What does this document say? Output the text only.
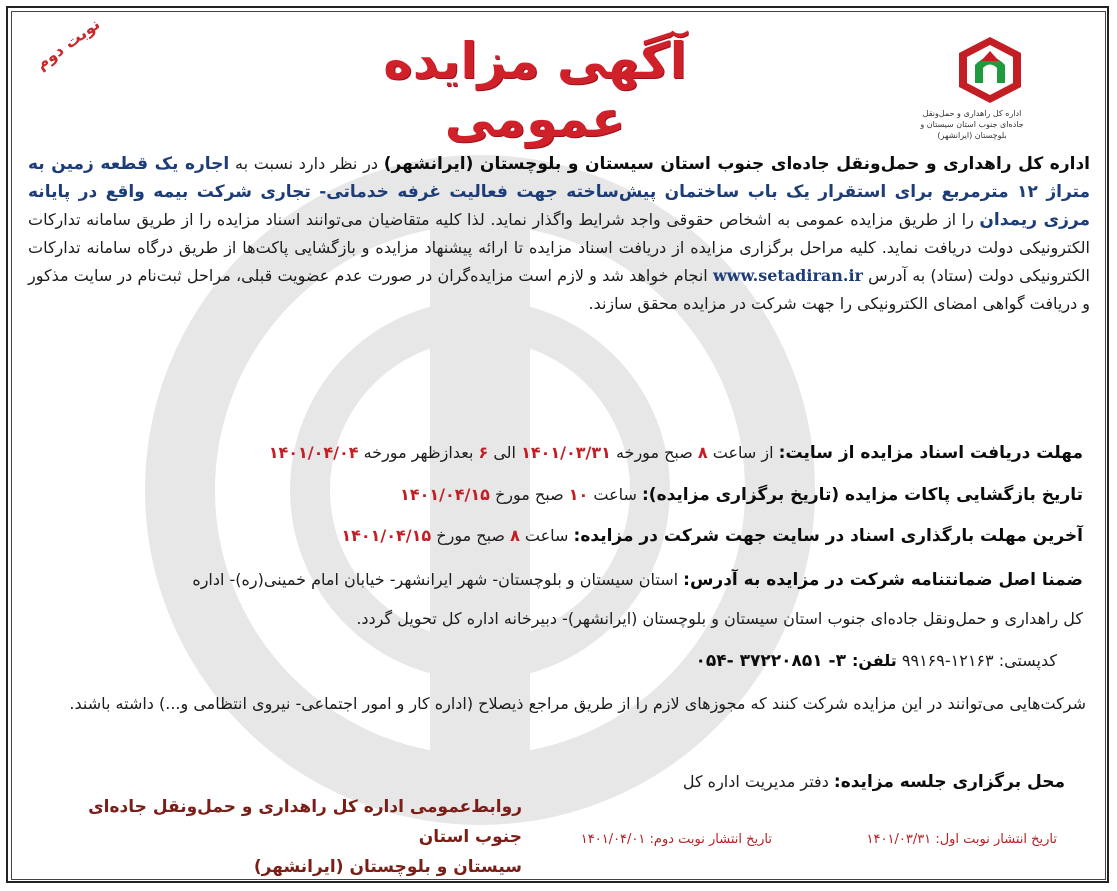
نوبت دوم	آگهی مزایده عمومی	اداره کل راهداری و حمل‌ونقل جاده‌ای جنوب استان سیستان و بلوچستان (ایرانشهر)

اداره کل راهداری و حمل‌ونقل جاده‌ای جنوب استان سیستان و بلوچستان (ایرانشهر) در نظر دارد نسبت به اجاره یک قطعه زمین به متراژ ۱۲ مترمربع برای استقرار یک باب ساختمان پیش‌ساخته جهت فعالیت غرفه خدماتی- تجاری شرکت بیمه واقع در پایانه مرزی ریمدان را از طریق مزایده عمومی به اشخاص حقوقی واجد شرایط واگذار نماید. لذا کلیه متقاضیان می‌توانند اسناد مزایده را از طریق سامانه تدارکات الکترونیکی دولت دریافت نماید. کلیه مراحل برگزاری مزایده از دریافت اسناد مزایده تا ارائه پیشنهاد مزایده و بازگشایی پاکت‌ها از طریق درگاه سامانه تدارکات الکترونیکی دولت (ستاد) به آدرس www.setadiran.ir انجام خواهد شد و لازم است مزایده‌گران در صورت عدم عضویت قبلی، مراحل ثبت‌نام در سایت مذکور و دریافت گواهی امضای الکترونیکی را جهت شرکت در مزایده محقق سازند.

مهلت دریافت اسناد مزایده از سایت: از ساعت ۸ صبح مورخه ۱۴۰۱/۰۳/۳۱ الی ۶ بعدازظهر مورخه ۱۴۰۱/۰۴/۰۴
تاریخ بازگشایی پاکات مزایده (تاریخ برگزاری مزایده): ساعت ۱۰ صبح مورخ ۱۴۰۱/۰۴/۱۵
آخرین مهلت بارگذاری اسناد در سایت جهت شرکت در مزایده: ساعت ۸ صبح مورخ ۱۴۰۱/۰۴/۱۵
ضمنا اصل ضمانتنامه شرکت در مزایده به آدرس: استان سیستان و بلوچستان- شهر ایرانشهر- خیابان امام خمینی(ره)- اداره
کل راهداری و حمل‌ونقل جاده‌ای جنوب استان سیستان و بلوچستان (ایرانشهر)- دبیرخانه اداره کل تحویل گردد.
کدپستی: ۱۲۱۶۳-۹۹۱۶۹ تلفن: ۳- ۳۷۲۲۰۸۵۱ -۰۵۴

شرکت‌هایی می‌توانند در این مزایده شرکت کنند که مجوزهای لازم را از طریق مراجع ذیصلاح (اداره کار و امور اجتماعی- نیروی انتظامی و...) داشته باشند.

محل برگزاری جلسه مزایده: دفتر مدیریت اداره کل
روابط‌عمومی اداره کل راهداری و حمل‌ونقل جاده‌ای جنوب استان
سیستان و بلوچستان (ایرانشهر)
تاریخ انتشار نوبت اول: ۱۴۰۱/۰۳/۳۱
تاریخ انتشار نوبت دوم: ۱۴۰۱/۰۴/۰۱
